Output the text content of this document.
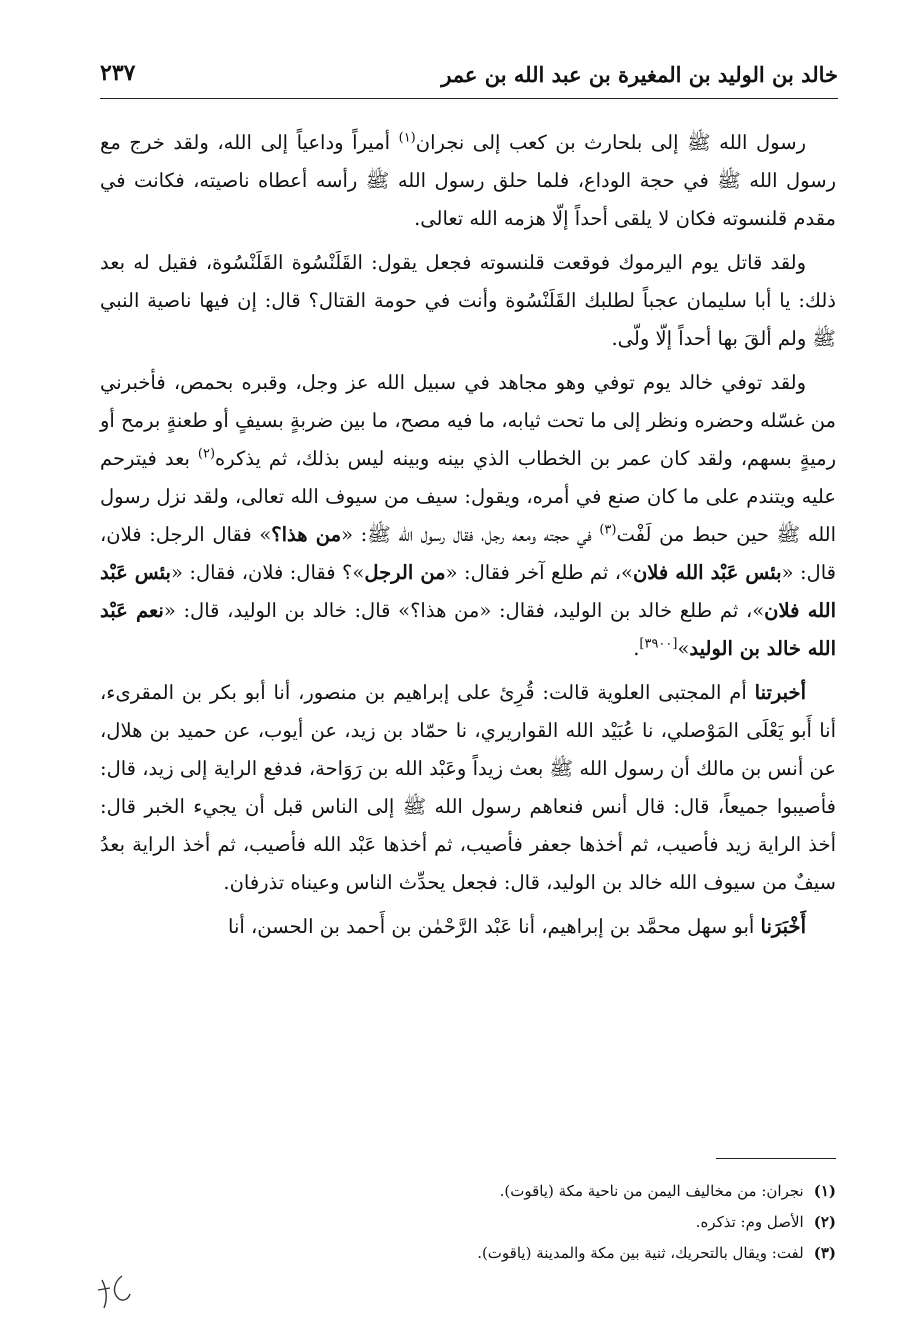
خالد بن الوليد بن المغيرة بن عبد الله بن عمر
٢٣٧

رسول الله ﷺ إلى بلحارث بن كعب إلى نجران$^{(١)}$ أميراً وداعياً إلى الله، ولقد خرج مع رسول الله ﷺ في حجة الوداع، فلما حلق رسول الله ﷺ رأسه أعطاه ناصيته، فكانت في مقدم قلنسوته فكان لا يلقى أحداً إلّا هزمه الله تعالى.

ولقد قاتل يوم اليرموك فوقعت قلنسوته فجعل يقول: القَلَنْسُوة القَلَنْسُوة، فقيل له بعد ذلك: يا أبا سليمان عجباً لطلبك القَلَنْسُوة وأنت في حومة القتال؟ قال: إن فيها ناصية النبي ﷺ ولم ألقَ بها أحداً إلّا ولّى.

ولقد توفي خالد يوم توفي وهو مجاهد في سبيل الله عز وجل، وقبره بحمص، فأخبرني من غسّله وحضره ونظر إلى ما تحت ثيابه، ما فيه مصح، ما بين ضربةٍ بسيفٍ أو طعنةٍ برمح أو رميةٍ بسهم، ولقد كان عمر بن الخطاب الذي بينه وبينه ليس بذلك، ثم يذكره$^{(٢)}$ بعد فيترحم عليه ويتندم على ما كان صنع في أمره، ويقول: سيف من سيوف الله تعالى، ولقد نزل رسول الله ﷺ حين حبط من لَفْت$^{(٣)}$ في حجته ومعه رجل، فقال رسول الله ﷺ: «من هذا؟» فقال الرجل: فلان، قال: «بئس عَبْد الله فلان»، ثم طلع آخر فقال: «من الرجل»؟ فقال: فلان، فقال: «بئس عَبْد الله فلان»، ثم طلع خالد بن الوليد، فقال: «من هذا؟» قال: خالد بن الوليد، قال: «نعم عَبْد الله خالد بن الوليد»[٣٩٠٠].

أخبرتنا أم المجتبى العلوية قالت: قُرِئ على إبراهيم بن منصور، أنا أبو بكر بن المقرىء، أنا أَبو يَعْلَى المَوْصلي، نا عُبَيْد الله القواريري، نا حمّاد بن زيد، عن أيوب، عن حميد بن هلال، عن أنس بن مالك أن رسول الله ﷺ بعث زيداً وعَبْد الله بن رَوَاحة، فدفع الراية إلى زيد، قال: فأصيبوا جميعاً، قال: قال أنس فنعاهم رسول الله ﷺ إلى الناس قبل أن يجيء الخبر قال: أخذ الراية زيد فأصيب، ثم أخذها جعفر فأصيب، ثم أخذها عَبْد الله فأصيب، ثم أخذ الراية بعدُ سيفٌ من سيوف الله خالد بن الوليد، قال: فجعل يحدِّث الناس وعيناه تذرفان.

أَخْبَرَنا أبو سهل محمَّد بن إبراهيم، أنا عَبْد الرَّحْمٰن بن أَحمد بن الحسن، أنا

(١)نجران: من مخاليف اليمن من ناحية مكة (ياقوت).
(٢)الأصل وم: تذكره.
(٣)لفت: ويقال بالتحريك، ثنية بين مكة والمدينة (ياقوت).
